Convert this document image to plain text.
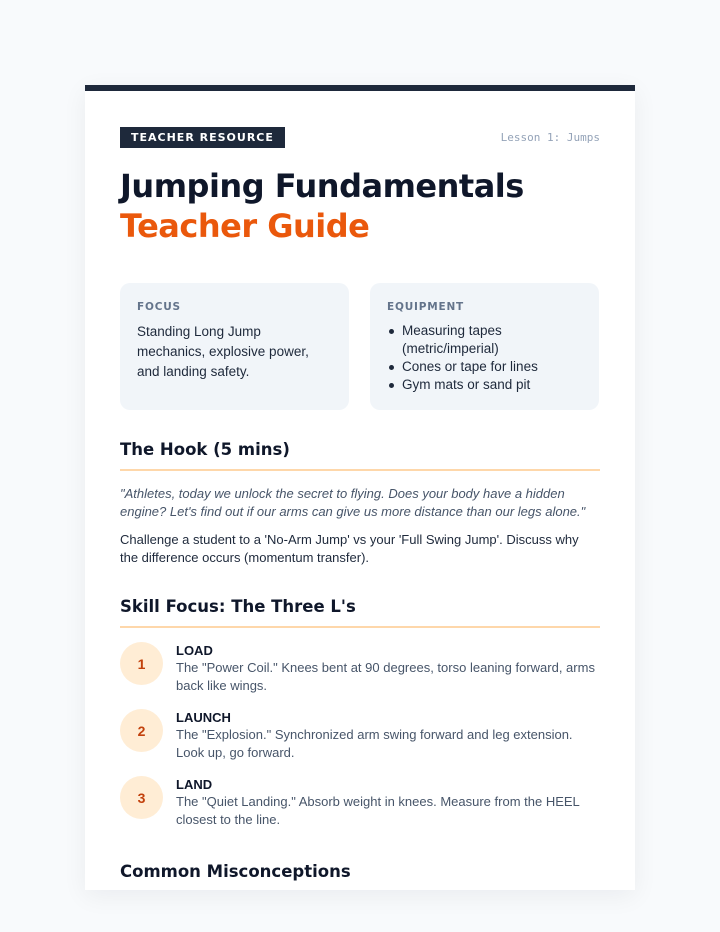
TEACHER RESOURCE	Lesson 1: Jumps
Jumping Fundamentals
Teacher Guide
FOCUS
Standing Long Jump mechanics, explosive power, and landing safety.
EQUIPMENT
Measuring tapes (metric/imperial)
Cones or tape for lines
Gym mats or sand pit
The Hook (5 mins)

"Athletes, today we unlock the secret to flying. Does your body have a hidden engine? Let's find out if our arms can give us more distance than our legs alone."

Challenge a student to a 'No-Arm Jump' vs your 'Full Swing Jump'. Discuss why the difference occurs (momentum transfer).

Skill Focus: The Three L's
1
LOAD
The "Power Coil." Knees bent at 90 degrees, torso leaning forward, arms back like wings.
2
LAUNCH
The "Explosion." Synchronized arm swing forward and leg extension. Look up, go forward.
3
LAND
The "Quiet Landing." Absorb weight in knees. Measure from the HEEL closest to the line.
Common Misconceptions
